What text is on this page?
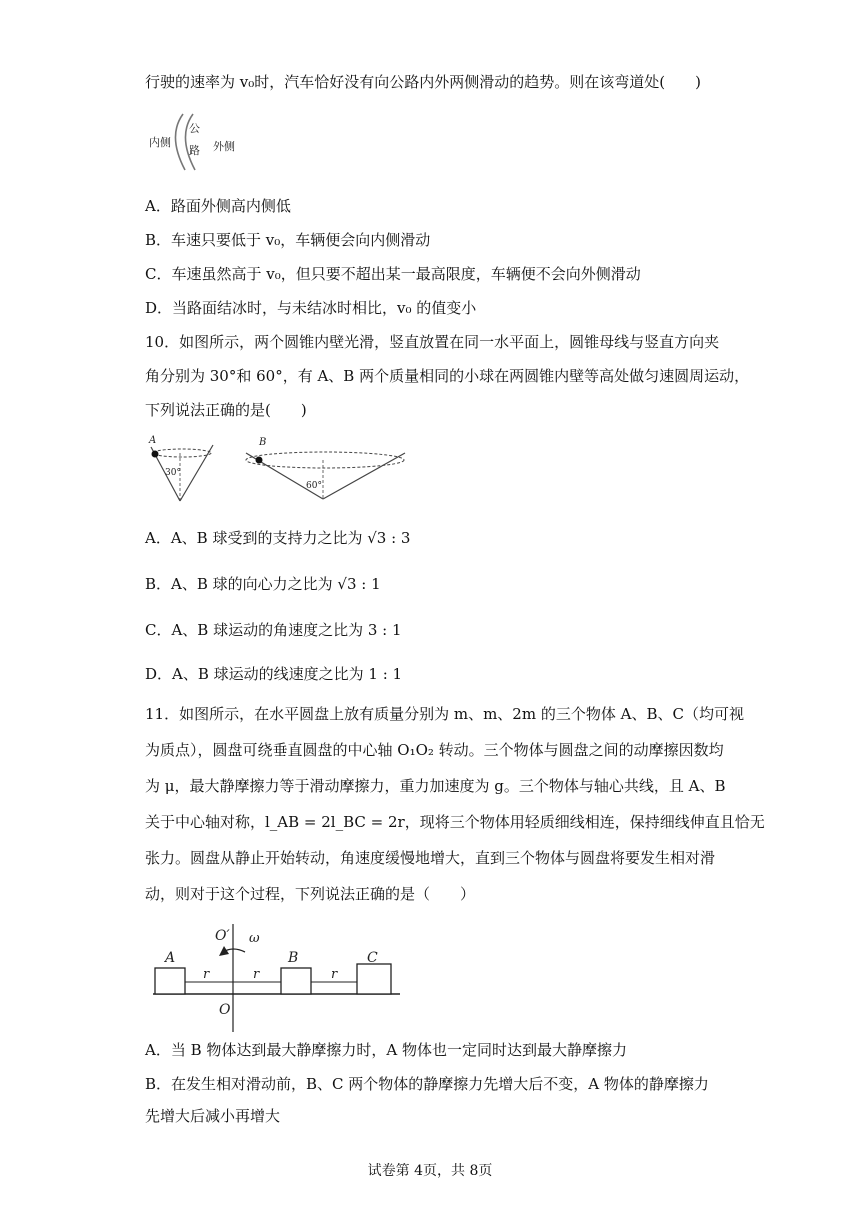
行驶的速率为 v₀时，汽车恰好没有向公路内外两侧滑动的趋势。则在该弯道处(　　)
内侧
公
路 外侧
A．路面外侧高内侧低
B．车速只要低于 v₀，车辆便会向内侧滑动
C．车速虽然高于 v₀，但只要不超出某一最高限度，车辆便不会向外侧滑动
D．当路面结冰时，与未结冰时相比，v₀ 的值变小
10．如图所示，两个圆锥内壁光滑，竖直放置在同一水平面上，圆锥母线与竖直方向夹
角分别为 30°和 60°，有 A、B 两个质量相同的小球在两圆锥内壁等高处做匀速圆周运动，
下列说法正确的是(　　)
A
30°
B
60°
A．A、B 球受到的支持力之比为 √3 : 3
B．A、B 球的向心力之比为 √3 : 1
C．A、B 球运动的角速度之比为 3 : 1
D．A、B 球运动的线速度之比为 1 : 1
11．如图所示，在水平圆盘上放有质量分别为 m、m、2m 的三个物体 A、B、C（均可视
为质点），圆盘可绕垂直圆盘的中心轴 O₁O₂ 转动。三个物体与圆盘之间的动摩擦因数均
为 μ，最大静摩擦力等于滑动摩擦力，重力加速度为 g。三个物体与轴心共线，且 A、B
关于中心轴对称，l_AB = 2l_BC = 2r，现将三个物体用轻质细线相连，保持细线伸直且恰无
张力。圆盘从静止开始转动，角速度缓慢地增大，直到三个物体与圆盘将要发生相对滑
动，则对于这个过程，下列说法正确的是（　　）
O′ ω
O
A	B	C
r	r	r
A．当 B 物体达到最大静摩擦力时，A 物体也一定同时达到最大静摩擦力
B．在发生相对滑动前，B、C 两个物体的静摩擦力先增大后不变，A 物体的静摩擦力
先增大后减小再增大
试卷第 4页，共 8页
